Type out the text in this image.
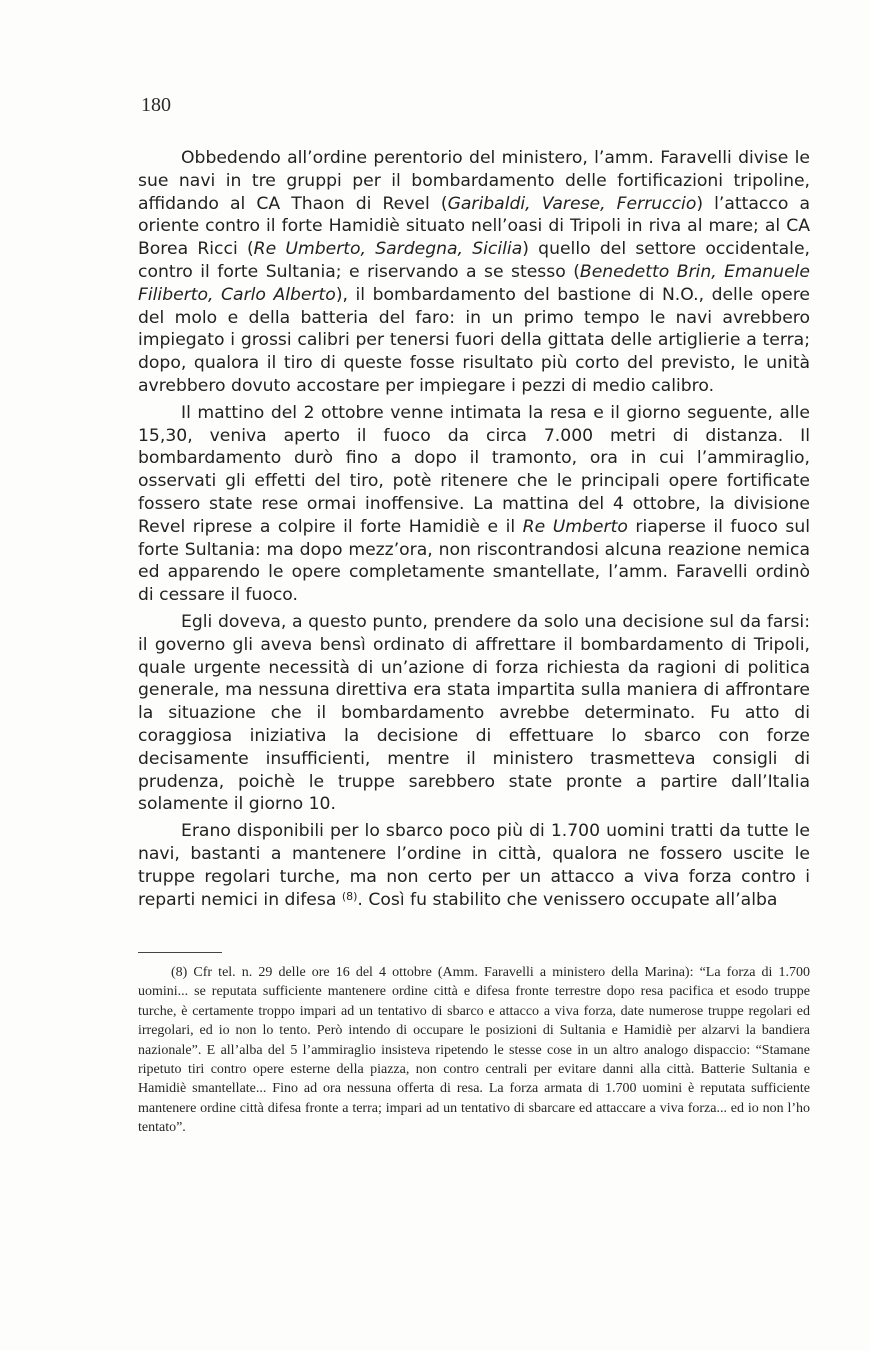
180

Obbedendo all’ordine perentorio del ministero, l’amm. Faravelli divise le sue navi in tre gruppi per il bombardamento delle fortificazioni tripoline, affidando al CA Thaon di Revel (Garibaldi, Varese, Ferruccio) l’attacco a oriente contro il forte Hamidiè situato nell’oasi di Tripoli in riva al mare; al CA Borea Ricci (Re Umberto, Sardegna, Sicilia) quello del settore occidentale, contro il forte Sultania; e riservando a se stesso (Benedetto Brin, Emanuele Filiberto, Carlo Alberto), il bombardamento del bastione di N.O., delle opere del molo e della batteria del faro: in un primo tempo le navi avrebbero impiegato i grossi calibri per tenersi fuori della gittata delle artiglierie a terra; dopo, qualora il tiro di queste fosse risultato più corto del previsto, le unità avrebbero dovuto accostare per impiegare i pezzi di medio calibro.

Il mattino del 2 ottobre venne intimata la resa e il giorno seguente, alle 15,30, veniva aperto il fuoco da circa 7.000 metri di distanza. Il bombardamento durò fino a dopo il tramonto, ora in cui l’ammiraglio, osservati gli effetti del tiro, potè ritenere che le principali opere fortificate fossero state rese ormai inoffensive. La mattina del 4 ottobre, la divisione Revel riprese a colpire il forte Hamidiè e il Re Umberto riaperse il fuoco sul forte Sultania: ma dopo mezz’ora, non riscontrandosi alcuna reazione nemica ed apparendo le opere completamente smantellate, l’amm. Faravelli ordinò di cessare il fuoco.

Egli doveva, a questo punto, prendere da solo una decisione sul da farsi: il governo gli aveva bensì ordinato di affrettare il bombardamento di Tripoli, quale urgente necessità di un’azione di forza richiesta da ragioni di politica generale, ma nessuna direttiva era stata impartita sulla maniera di affrontare la situazione che il bombardamento avrebbe determinato. Fu atto di coraggiosa iniziativa la decisione di effettuare lo sbarco con forze decisamente insufficienti, mentre il ministero trasmetteva consigli di prudenza, poichè le truppe sarebbero state pronte a partire dall’Italia solamente il giorno 10.

Erano disponibili per lo sbarco poco più di 1.700 uomini tratti da tutte le navi, bastanti a mantenere l’ordine in città, qualora ne fossero uscite le truppe regolari turche, ma non certo per un attacco a viva forza contro i reparti nemici in difesa $^{(8)}$. Così fu stabilito che venissero occupate all’alba

(8) Cfr tel. n. 29 delle ore 16 del 4 ottobre (Amm. Faravelli a ministero della Marina): “La forza di 1.700 uomini... se reputata sufficiente mantenere ordine città e difesa fronte terrestre dopo resa pacifica et esodo truppe turche, è certamente troppo impari ad un tentativo di sbarco e attacco a viva forza, date numerose truppe regolari ed irregolari, ed io non lo tento. Però intendo di occupare le posizioni di Sultania e Hamidiè per alzarvi la bandiera nazionale”. E all’alba del 5 l’ammiraglio insisteva ripetendo le stesse cose in un altro analogo dispaccio: “Stamane ripetuto tiri contro opere esterne della piazza, non contro centrali per evitare danni alla città. Batterie Sultania e Hamidiè smantellate... Fino ad ora nessuna offerta di resa. La forza armata di 1.700 uomini è reputata sufficiente mantenere ordine città difesa fronte a terra; impari ad un tentativo di sbarcare ed attaccare a viva forza... ed io non l’ho tentato”.
